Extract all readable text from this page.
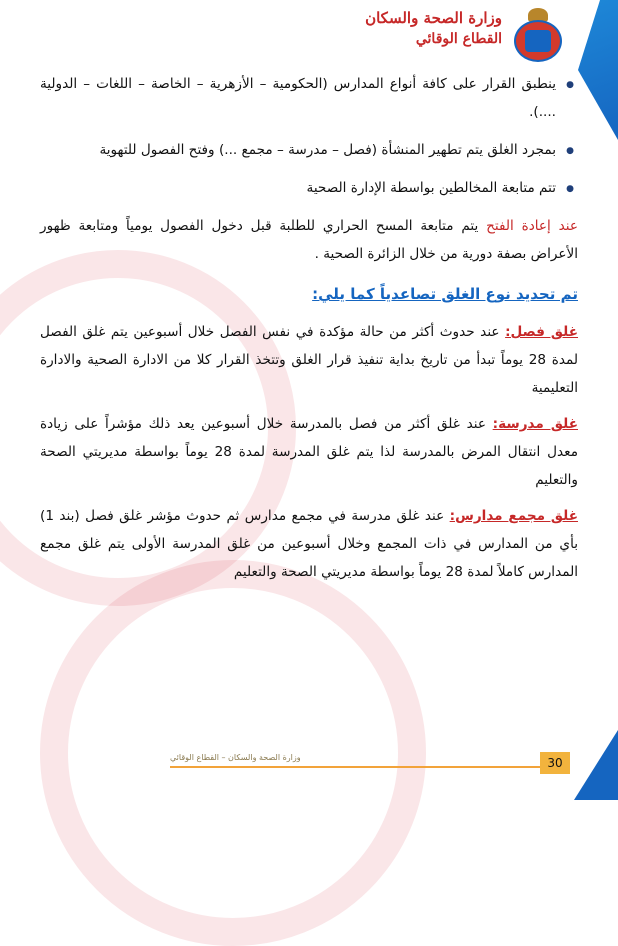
وزارة الصحة والسكان
القطاع الوقائي
● ينطبق القرار على كافة أنواع المدارس (الحكومية – الأزهرية – الخاصة – اللغات – الدولية ....).
● بمجرد الغلق يتم تطهير المنشأة (فصل – مدرسة – مجمع ...) وفتح الفصول للتهوية
● تتم متابعة المخالطين بواسطة الإدارة الصحية

عند إعادة الفتح يتم متابعة المسح الحراري للطلبة قبل دخول الفصول يومياً ومتابعة ظهور الأعراض بصفة دورية من خلال الزائرة الصحية .

تم تحديد نوع الغلق تصاعدياً كما يلي:

غلق فصل: عند حدوث أكثر من حالة مؤكدة في نفس الفصل خلال أسبوعين يتم غلق الفصل لمدة 28 يوماً تبدأ من تاريخ بداية تنفيذ قرار الغلق وتتخذ القرار كلا من الادارة الصحية والادارة التعليمية

غلق مدرسة: عند غلق أكثر من فصل بالمدرسة خلال أسبوعين يعد ذلك مؤشراً على زيادة معدل انتقال المرض بالمدرسة لذا يتم غلق المدرسة لمدة 28 يوماً بواسطة مديريتي الصحة والتعليم

غلق مجمع مدارس: عند غلق مدرسة في مجمع مدارس ثم حدوث مؤشر غلق فصل (بند 1) بأي من المدارس في ذات المجمع وخلال أسبوعين من غلق المدرسة الأولى يتم غلق مجمع المدارس كاملاً لمدة 28 يوماً بواسطة مديريتي الصحة والتعليم

وزارة الصحة والسكان – القطاع الوقائي	30
